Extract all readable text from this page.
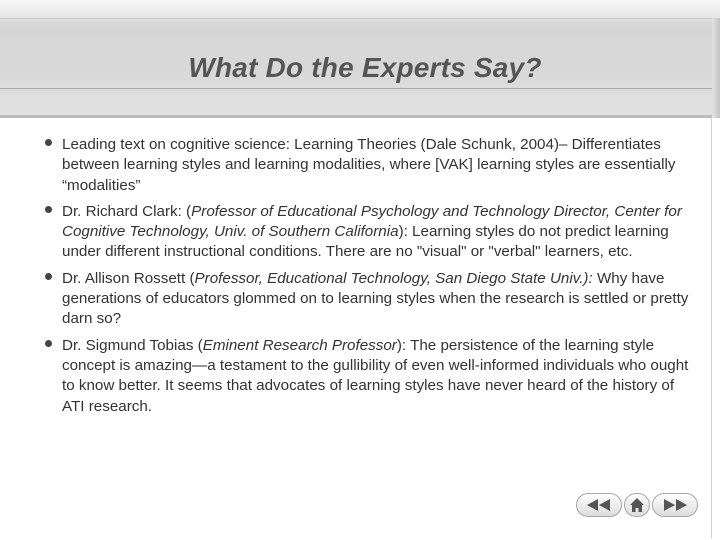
What Do the Experts Say?
Leading text on cognitive science: Learning Theories (Dale Schunk, 2004)– Differentiates between learning styles and learning modalities, where [VAK] learning styles are essentially “modalities”
Dr. Richard Clark: (Professor of Educational Psychology and Technology Director, Center for Cognitive Technology, Univ. of Southern California): Learning styles do not predict learning under different instructional conditions. There are no "visual" or "verbal" learners, etc.
Dr. Allison Rossett (Professor, Educational Technology, San Diego State Univ.): Why have generations of educators glommed on to learning styles when the research is settled or pretty darn so?
Dr. Sigmund Tobias (Eminent Research Professor): The persistence of the learning style concept is amazing—a testament to the gullibility of even well-informed individuals who ought to know better. It seems that advocates of learning styles have never heard of the history of ATI research.
